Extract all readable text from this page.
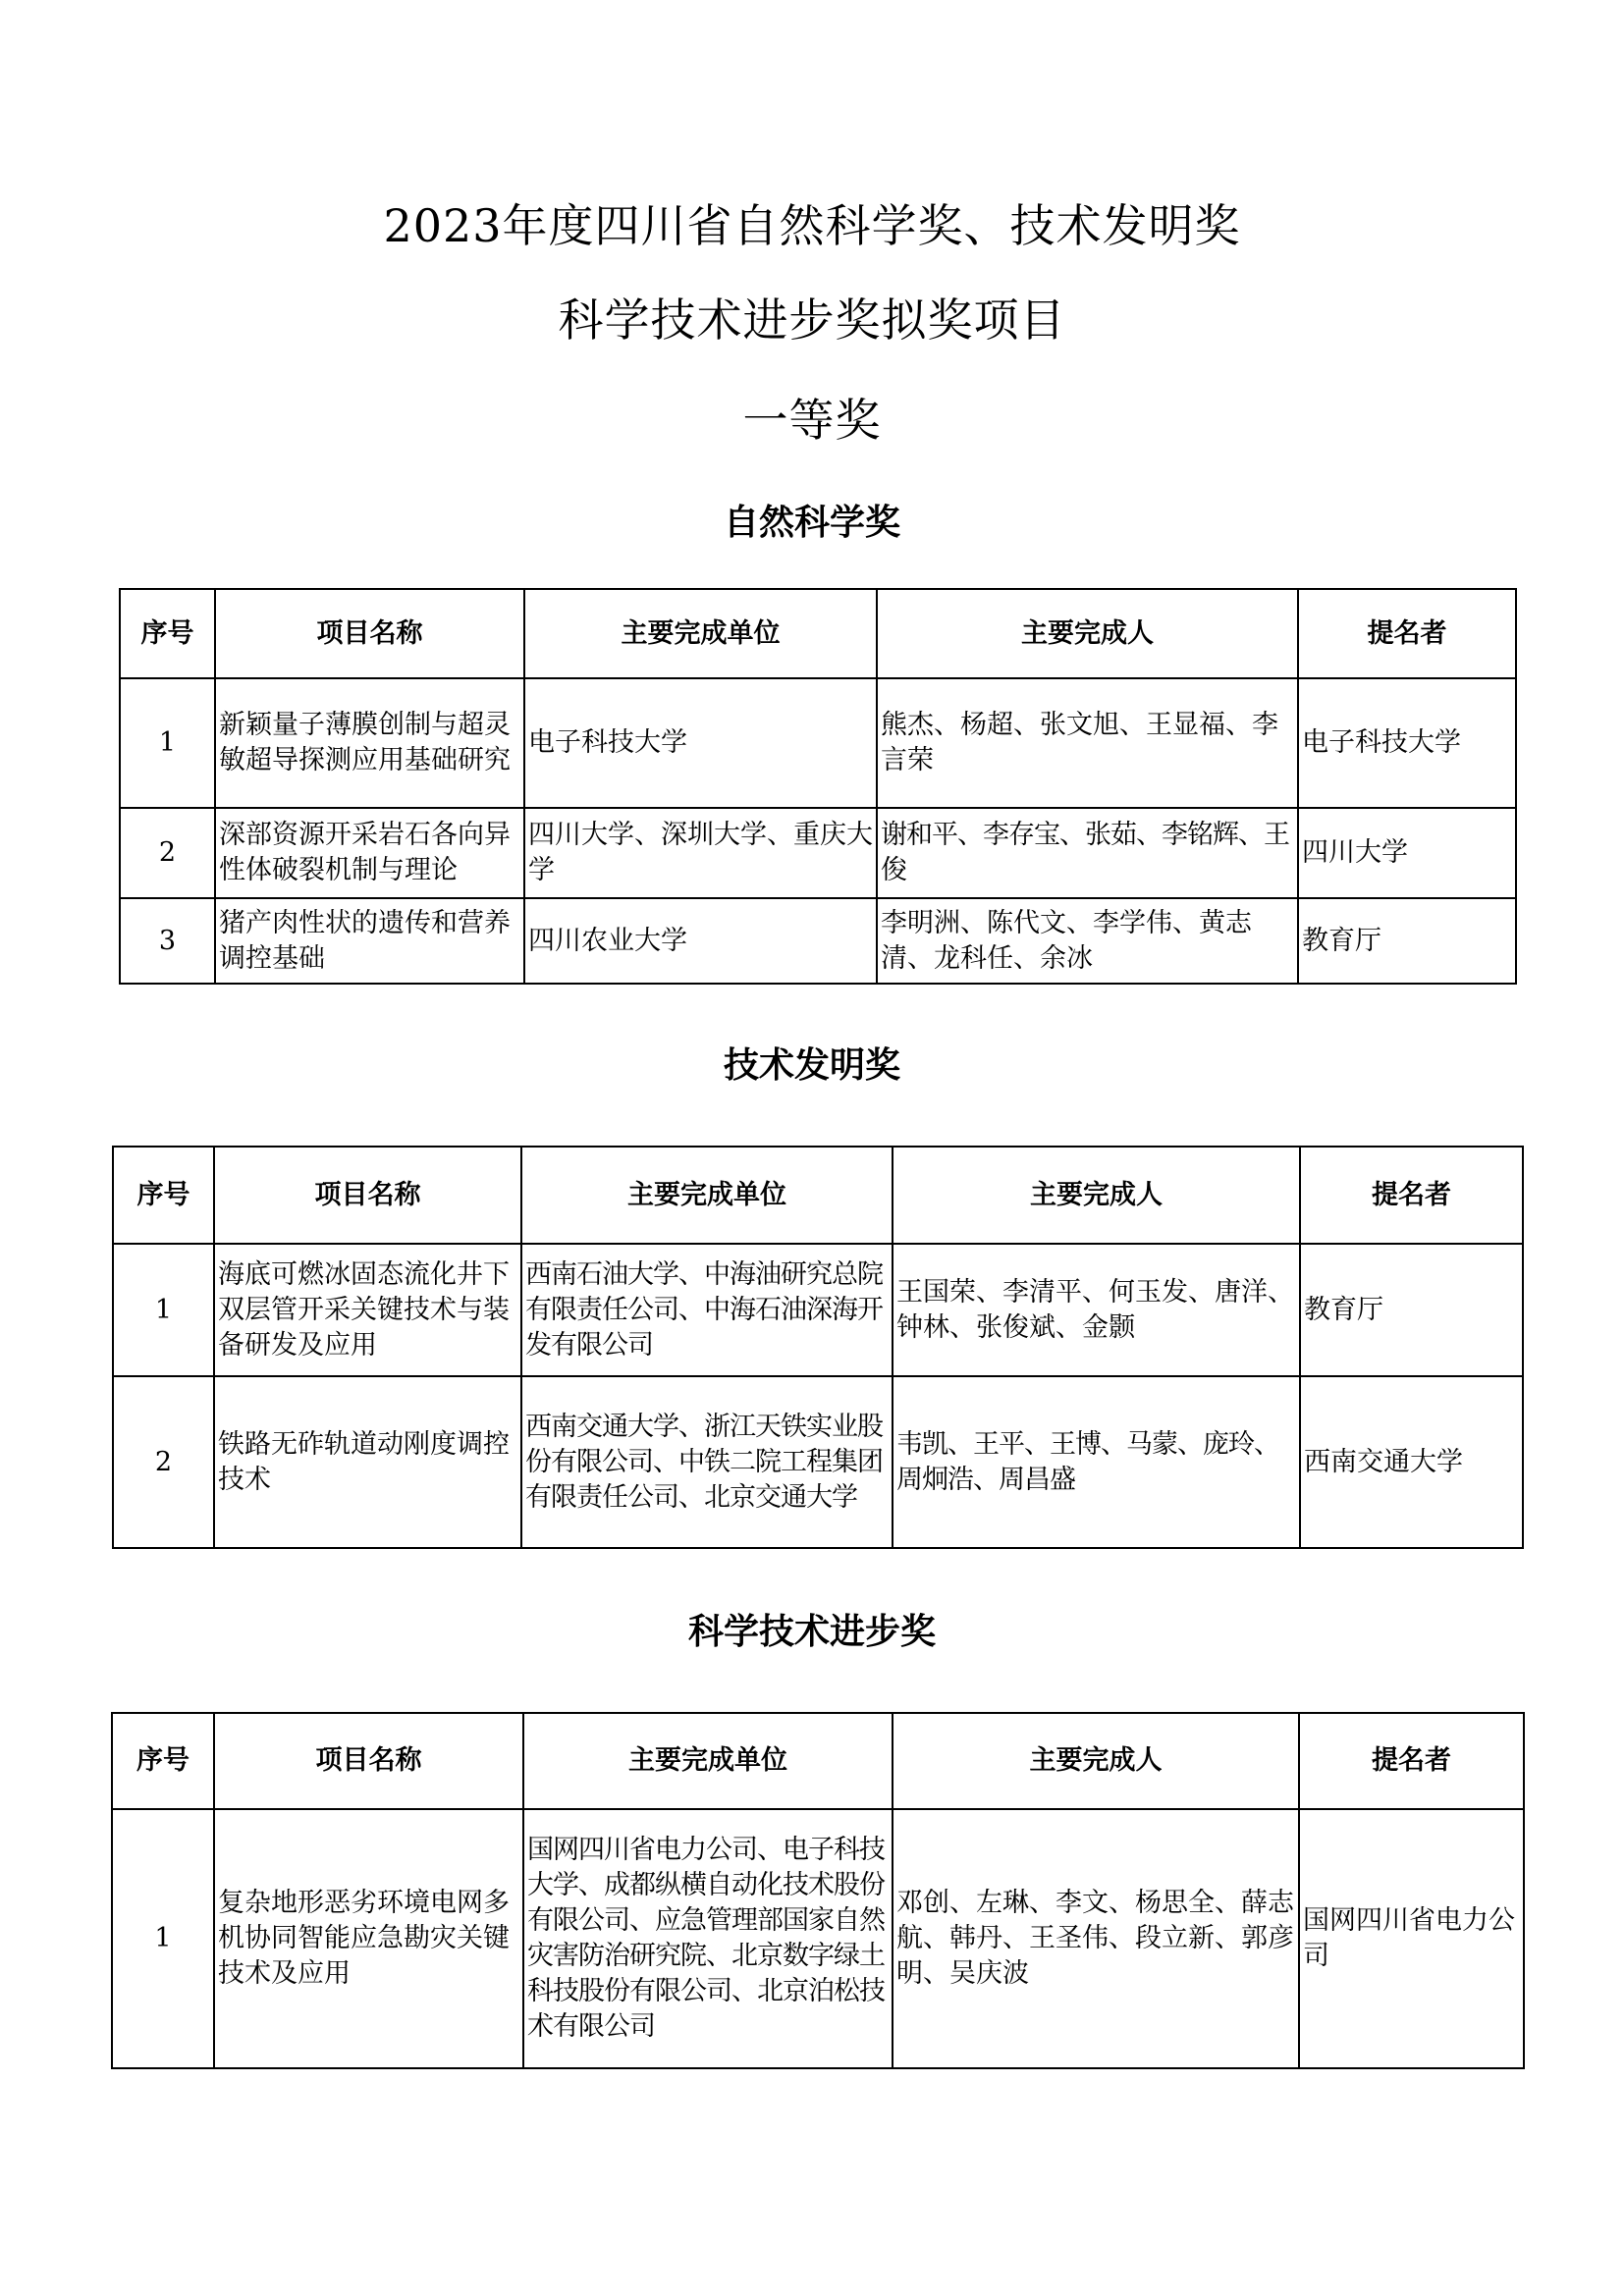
2023年度四川省自然科学奖、技术发明奖
科学技术进步奖拟奖项目
一等奖
自然科学奖
序号	项目名称	主要完成单位	主要完成人	提名者
1	新颖量子薄膜创制与超灵敏超导探测应用基础研究	电子科技大学	熊杰、杨超、张文旭、王显福、李言荣	电子科技大学
2	深部资源开采岩石各向异性体破裂机制与理论	四川大学、深圳大学、重庆大学	谢和平、李存宝、张茹、李铭辉、王俊	四川大学
3	猪产肉性状的遗传和营养调控基础	四川农业大学	李明洲、陈代文、李学伟、黄志清、龙科任、余冰	教育厅
技术发明奖
序号	项目名称	主要完成单位	主要完成人	提名者
1	海底可燃冰固态流化井下双层管开采关键技术与装备研发及应用	西南石油大学、中海油研究总院有限责任公司、中海石油深海开发有限公司	王国荣、李清平、何玉发、唐洋、钟林、张俊斌、金颢	教育厅
2	铁路无砟轨道动刚度调控技术	西南交通大学、浙江天铁实业股份有限公司、中铁二院工程集团有限责任公司、北京交通大学	韦凯、王平、王博、马蒙、庞玲、周炯浩、周昌盛	西南交通大学
科学技术进步奖
序号	项目名称	主要完成单位	主要完成人	提名者
1	复杂地形恶劣环境电网多机协同智能应急勘灾关键技术及应用	国网四川省电力公司、电子科技大学、成都纵横自动化技术股份有限公司、应急管理部国家自然灾害防治研究院、北京数字绿土科技股份有限公司、北京泊松技术有限公司	邓创、左琳、李文、杨思全、薛志航、韩丹、王圣伟、段立新、郭彦明、吴庆波	国网四川省电力公司
